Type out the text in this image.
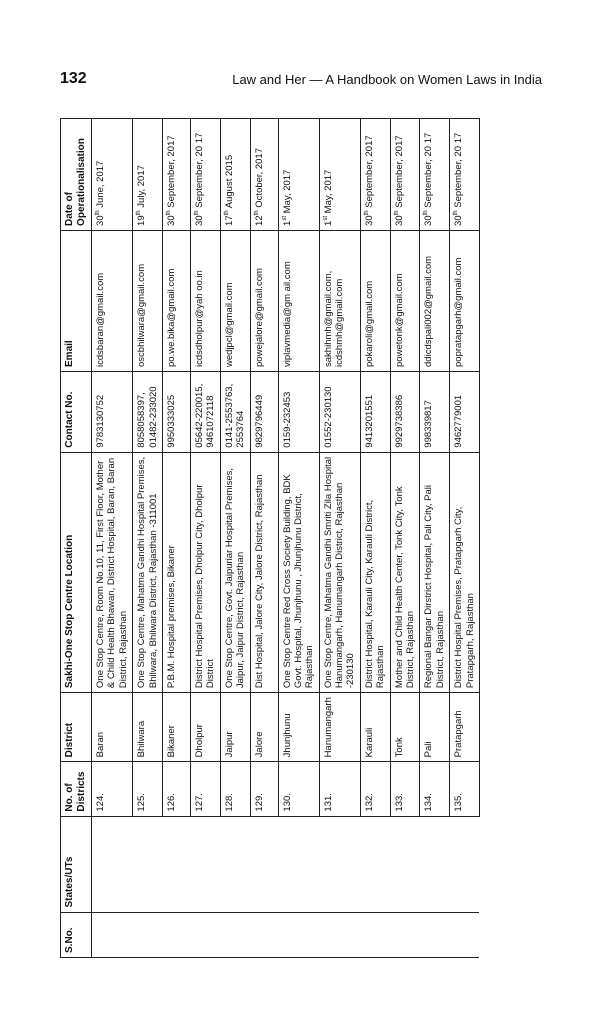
132	Law and Her — A Handbook on Women Laws in India
S.No.	States/UTs	No. of Districts	District	Sakhi-One Stop Centre Location	Contact No.	Email	Date of Operationalisation
		124.	Baran	One Stop Centre, Room No.10, 11, First Floor, Mother & Child Health Bhawan, District Hospital, Baran, Baran District, Rajasthan	9783130752	icdsbaran@gmail.com	30th June, 2017
		125.	Bhilwara	One Stop Centre, Mahatma Gandhi Hospital Premises, Bhilwara, Bhilwara District, Rajasthan -311001	8058058397, 01482-233020	oscbhilwara@gmail.com	19th July, 2017
		126.	Bikaner	P.B.M. Hospital premises, Bikaner	9950333025	po.we.bika@gmail.com	30th September, 2017
		127.	Dholpur	District Hospital Premises, Dholpur City, Dholpur District	05642-220015, 9461072118	icdsdholpur@yah oo.in	30th September, 20 17
		128.	Jaipur	One Stop Centre, Govt. Jaipuriar Hospital Premises, Jaipur, Jaipur District, Rajasthan	0141-2553763, 2553764	wedjpcl@gmail.com	17th August 2015
		129.	Jalore	Dist Hospital, Jalore City, Jalore District, Rajasthan	9829796449	powejalore@gmail.com	12th October, 2017
		130.	Jhunjhunu	One Stop Centre Red Cross Society Building, BDK Govt. Hospital, Jhunjhunu , Jhunjhunu District, Rajasthan	0159-232453	viplavmedia@gm ail.com	1st May, 2017
		131.	Hanumangarh	One Stop Centre, Mahatma Gandhi Smriti Zila Hospital Hanumangarh, Hanumangarh District, Rajasthan -230130	01552-230130	sakhihmh@gmail.com, icdshmh@gmail.com	1st May, 2017
		132.	Karauli	District Hospital, Karauli City, Karauli District, Rajasthan	9413201551	pokaroli@gmail.com	30th September, 2017
		133.	Tonk	Mother and Child Health Center, Tonk City, Tonk District, Rajasthan	9929738386	powetonk@gmail.com	30th September, 2017
		134.	Pali	Regional Bangar Dirstrict Hospital, Pali City, Pali District, Rajasthan	998339817	ddicdspali002@gmail.com	30th September, 20 17
		135.	Pratapgarh	District Hospital Premises, Pratapgarh City, Pratapgarh, Rajasthan	9462779001	popratapgarh@gmail.com	30th September, 20 17
